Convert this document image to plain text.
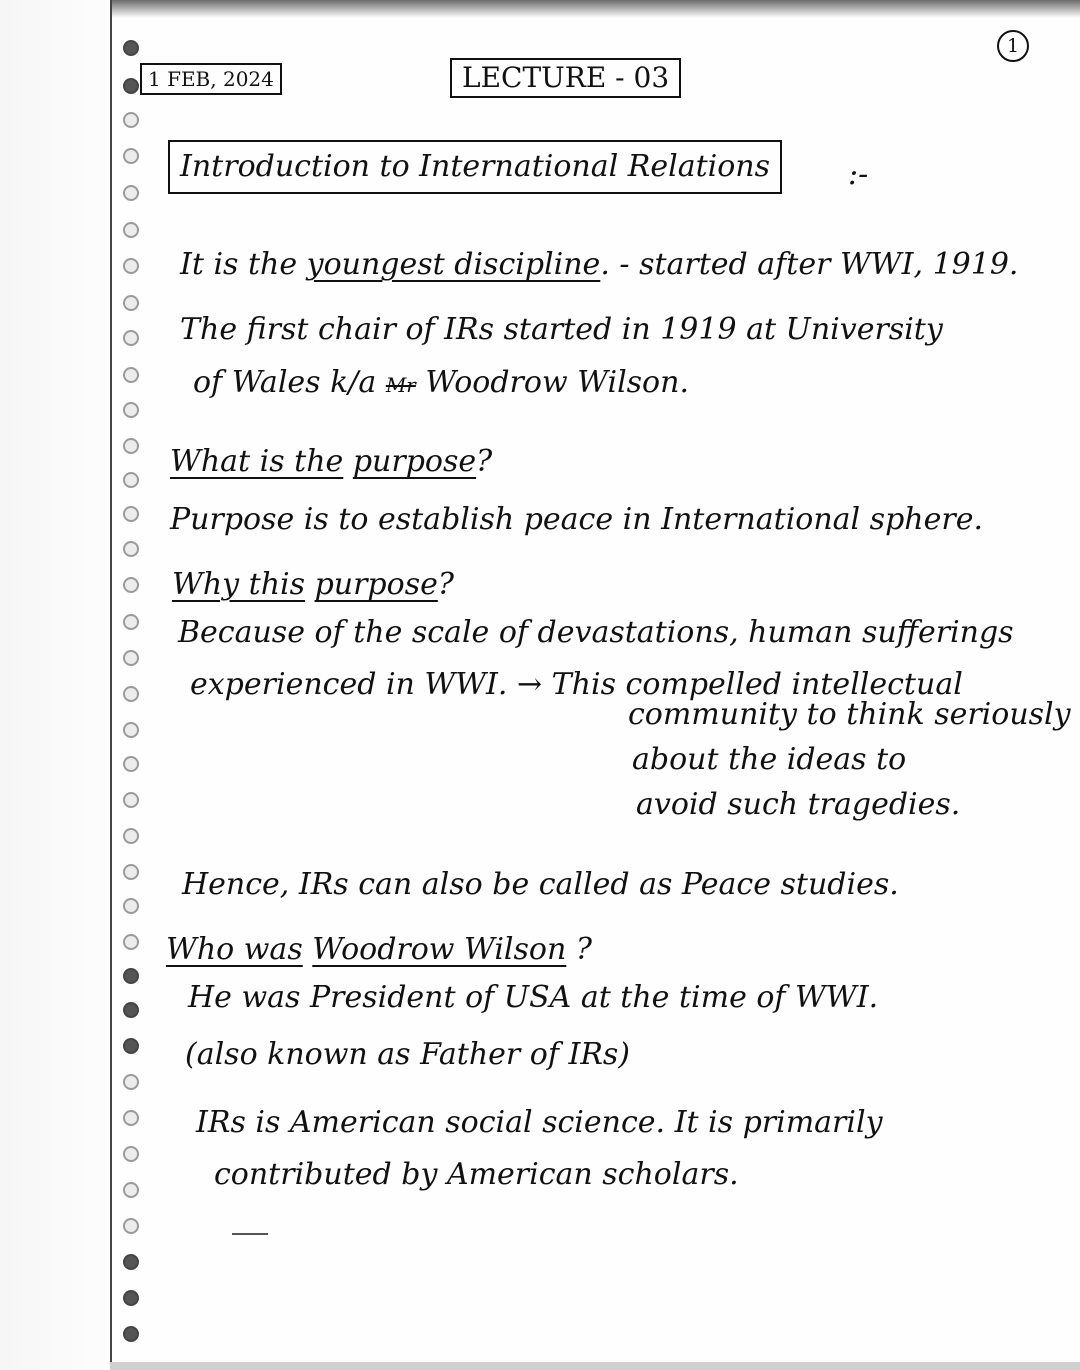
1
1 FEB, 2024	LECTURE - 03
Introduction to International Relations	:-
It is the youngest discipline. - started after WWI, 1919.
The first chair of IRs started in 1919 at University
of Wales k/a Mr Woodrow Wilson.
What is the purpose?
Purpose is to establish peace in International sphere.
Why this purpose?
Because of the scale of devastations, human sufferings
experienced in WWI. → This compelled intellectual
community to think seriously
about the ideas to
avoid such tragedies.
Hence, IRs can also be called as Peace studies.
Who was Woodrow Wilson ?
He was President of USA at the time of WWI.
(also known as Father of IRs)
IRs is American social science. It is primarily
contributed by American scholars.
